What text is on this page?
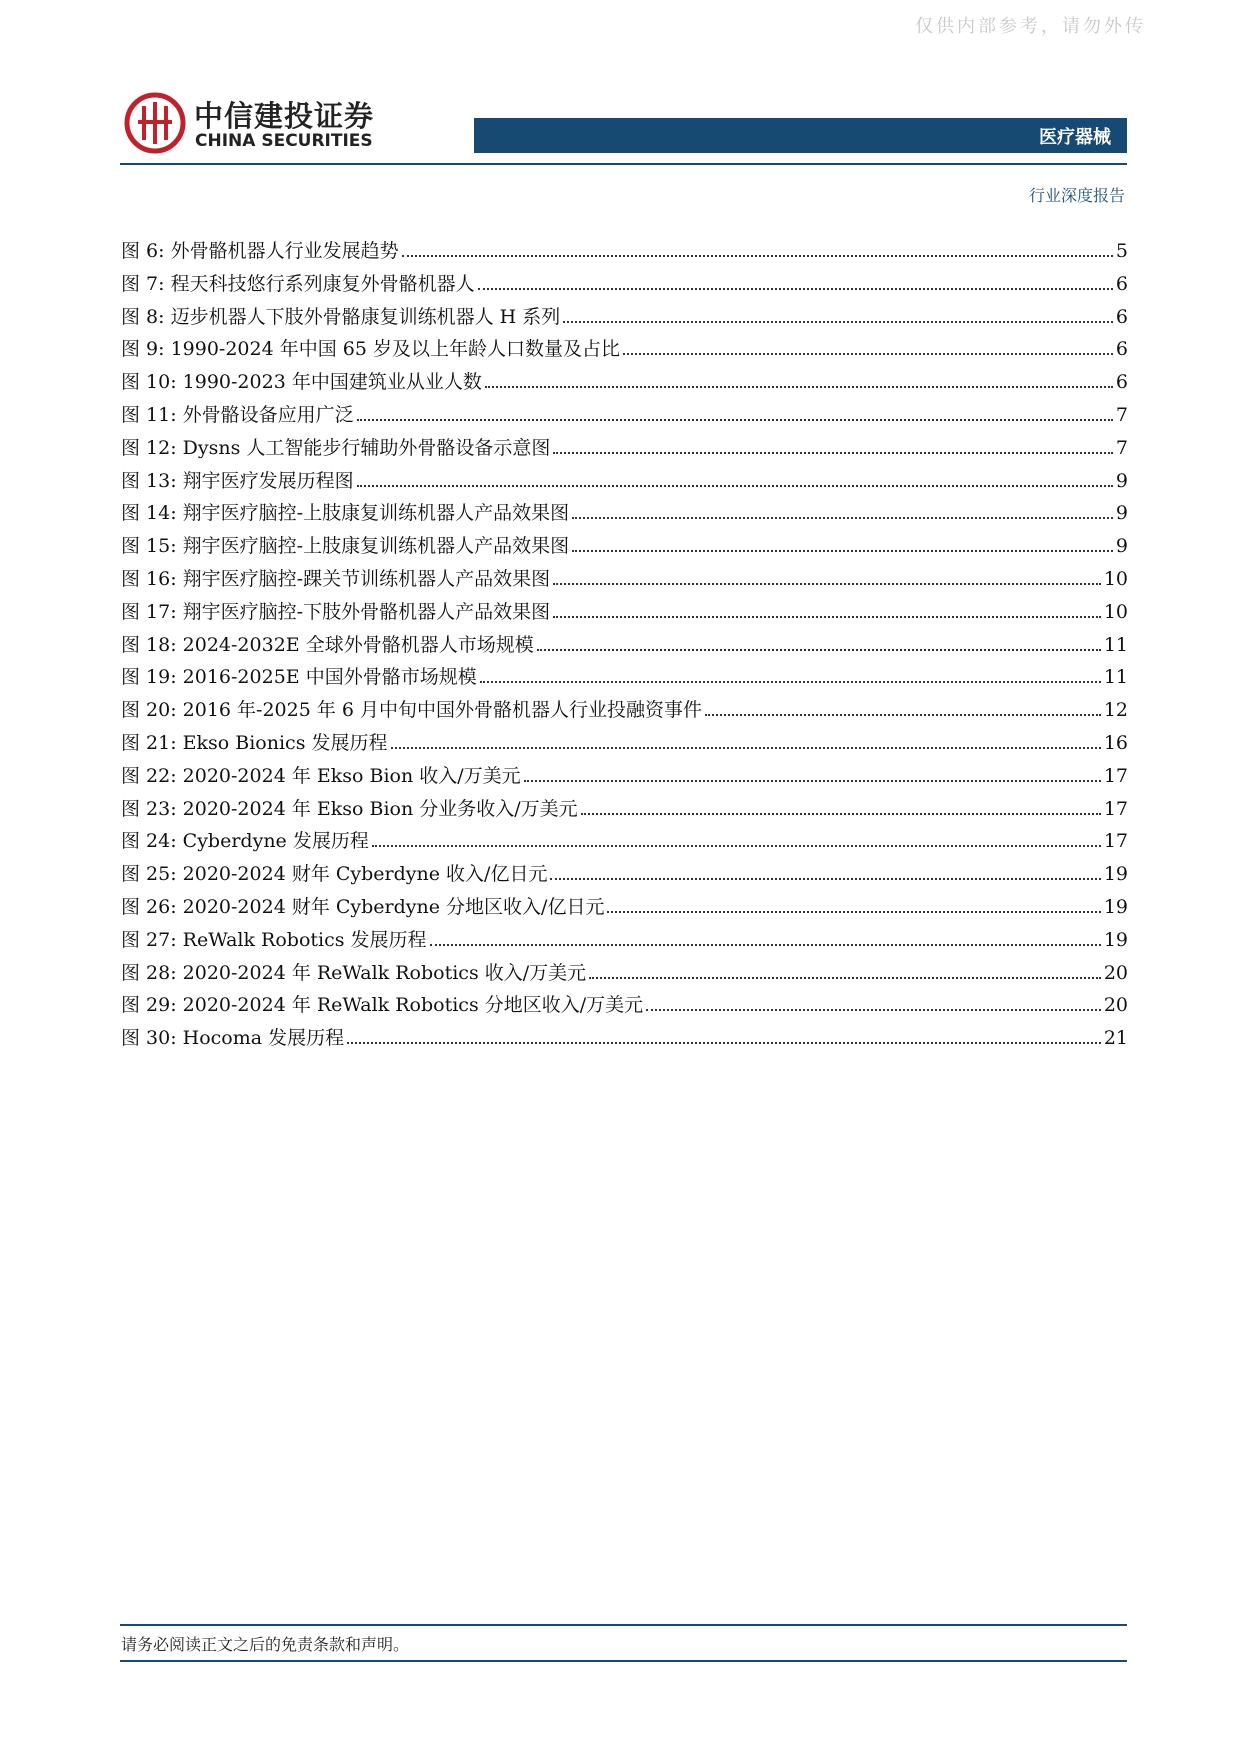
仅供内部参考，请勿外传
中信建投证券
CHINA SECURITIES	医疗器械
行业深度报告
图 6: 外骨骼机器人行业发展趋势	5
图 7: 程天科技悠行系列康复外骨骼机器人	6
图 8: 迈步机器人下肢外骨骼康复训练机器人 H 系列	6
图 9: 1990-2024 年中国 65 岁及以上年龄人口数量及占比	6
图 10: 1990-2023 年中国建筑业从业人数	6
图 11: 外骨骼设备应用广泛	7
图 12: Dysns 人工智能步行辅助外骨骼设备示意图	7
图 13: 翔宇医疗发展历程图	9
图 14: 翔宇医疗脑控-上肢康复训练机器人产品效果图	9
图 15: 翔宇医疗脑控-上肢康复训练机器人产品效果图	9
图 16: 翔宇医疗脑控-踝关节训练机器人产品效果图	10
图 17: 翔宇医疗脑控-下肢外骨骼机器人产品效果图	10
图 18: 2024-2032E 全球外骨骼机器人市场规模	11
图 19: 2016-2025E 中国外骨骼市场规模	11
图 20: 2016 年-2025 年 6 月中旬中国外骨骼机器人行业投融资事件	12
图 21: Ekso Bionics 发展历程	16
图 22: 2020-2024 年 Ekso Bion 收入/万美元	17
图 23: 2020-2024 年 Ekso Bion 分业务收入/万美元	17
图 24: Cyberdyne 发展历程	17
图 25: 2020-2024 财年 Cyberdyne 收入/亿日元	19
图 26: 2020-2024 财年 Cyberdyne 分地区收入/亿日元	19
图 27: ReWalk Robotics 发展历程	19
图 28: 2020-2024 年 ReWalk Robotics 收入/万美元	20
图 29: 2020-2024 年 ReWalk Robotics 分地区收入/万美元	20
图 30: Hocoma 发展历程	21
请务必阅读正文之后的免责条款和声明。
